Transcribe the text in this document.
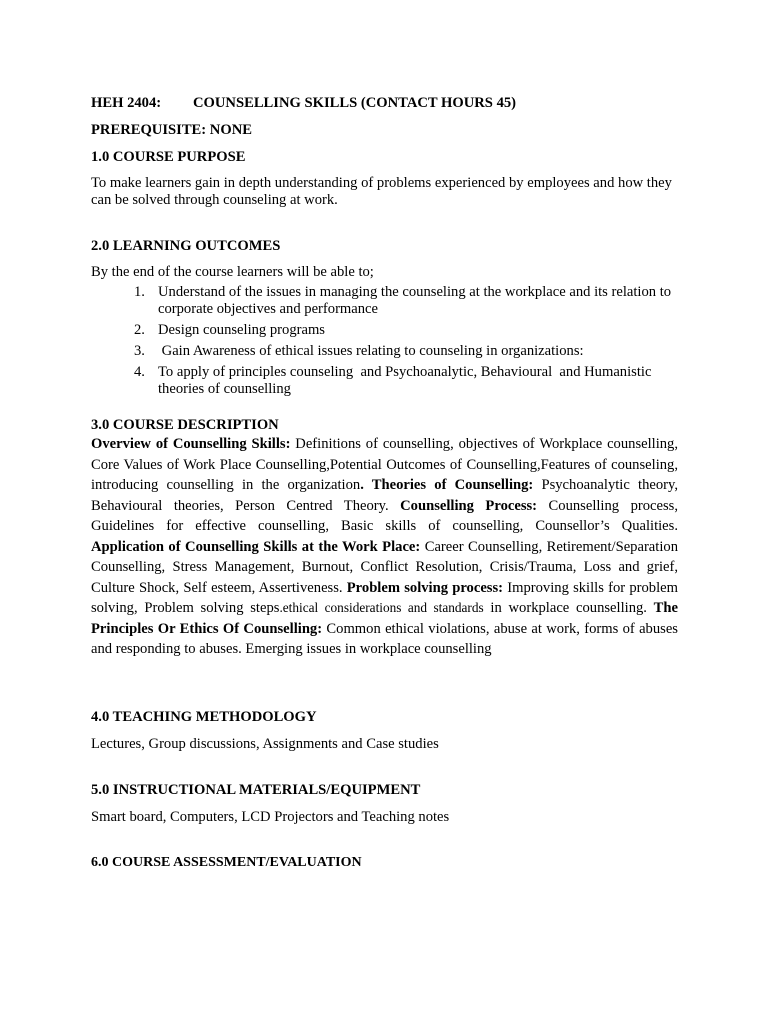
HEH 2404: COUNSELLING SKILLS (CONTACT HOURS 45)
PREREQUISITE: NONE
1.0 COURSE PURPOSE

To make learners gain in depth understanding of problems experienced by employees and how they can be solved through counseling at work.

2.0 LEARNING OUTCOMES

By the end of the course learners will be able to;

1. Understand of the issues in managing the counseling at the workplace and its relation to corporate objectives and performance
2. Design counseling programs
3. Gain Awareness of ethical issues relating to counseling in organizations:
4. To apply of principles counseling  and Psychoanalytic, Behavioural  and Humanistic theories of counselling
3.0 COURSE DESCRIPTION

Overview of Counselling Skills: Definitions of counselling, objectives of Workplace counselling, Core Values of Work Place Counselling,Potential Outcomes of Counselling,Features of counseling, introducing counselling in the organization. Theories of Counselling: Psychoanalytic theory, Behavioural theories, Person Centred Theory. Counselling Process: Counselling process, Guidelines for effective counselling, Basic skills of counselling, Counsellor’s Qualities. Application of Counselling Skills at the Work Place: Career Counselling, Retirement/Separation Counselling, Stress Management, Burnout, Conflict Resolution, Crisis/Trauma, Loss and grief, Culture Shock, Self esteem, Assertiveness. Problem solving process: Improving skills for problem solving, Problem solving steps.ethical considerations and standards in workplace counselling. The Principles Or Ethics Of Counselling: Common ethical violations, abuse at work, forms of abuses and responding to abuses. Emerging issues in workplace counselling

4.0 TEACHING METHODOLOGY

Lectures, Group discussions, Assignments and Case studies

5.0 INSTRUCTIONAL MATERIALS/EQUIPMENT

Smart board, Computers, LCD Projectors and Teaching notes

6.0 COURSE ASSESSMENT/EVALUATION
